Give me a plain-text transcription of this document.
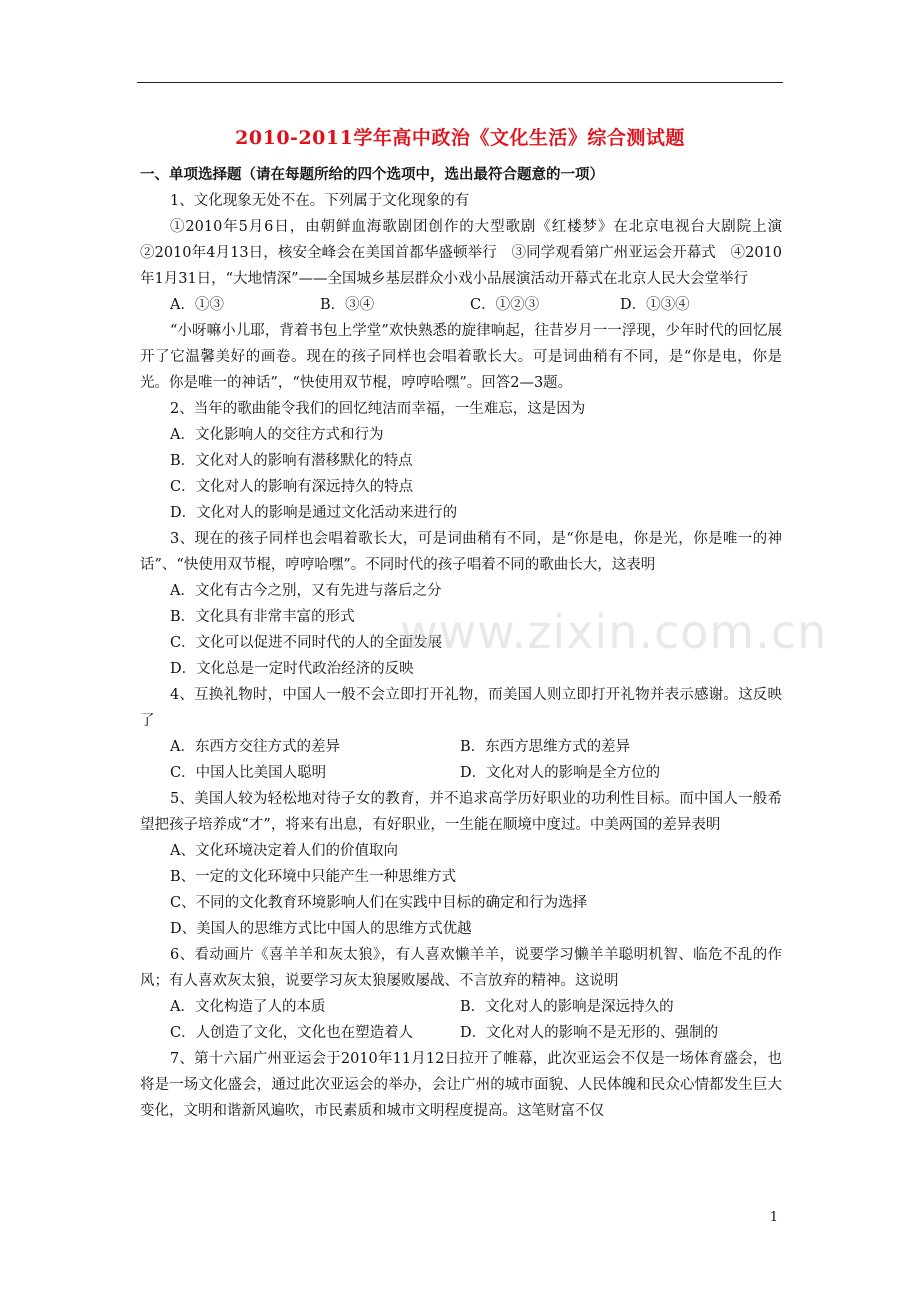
2010-2011学年高中政治《文化生活》综合测试题

一、单项选择题（请在每题所给的四个选项中，选出最符合题意的一项）

1、文化现象无处不在。下列属于文化现象的有

①2010年5月6日，由朝鲜血海歌剧团创作的大型歌剧《红楼梦》在北京电视台大剧院上演　②2010年4月13日，核安全峰会在美国首都华盛顿举行　③同学观看第广州亚运会开幕式　④2010年1月31日，“大地情深”——全国城乡基层群众小戏小品展演活动开幕式在北京人民大会堂举行

A．①③	B．③④	C．①②③	D．①③④

“小呀嘛小儿耶，背着书包上学堂”欢快熟悉的旋律响起，往昔岁月一一浮现，少年时代的回忆展开了它温馨美好的画卷。现在的孩子同样也会唱着歌长大。可是词曲稍有不同，是“你是电，你是光。你是唯一的神话”，“快使用双节棍，哼哼哈嘿”。回答2—3题。

2、当年的歌曲能令我们的回忆纯洁而幸福，一生难忘，这是因为

A．文化影响人的交往方式和行为

B．文化对人的影响有潜移默化的特点

C．文化对人的影响有深远持久的特点

D．文化对人的影响是通过文化活动来进行的

3、现在的孩子同样也会唱着歌长大，可是词曲稍有不同，是“你是电，你是光，你是唯一的神话”、“快使用双节棍，哼哼哈嘿”。不同时代的孩子唱着不同的歌曲长大，这表明

A．文化有古今之别，又有先进与落后之分

B．文化具有非常丰富的形式

C．文化可以促进不同时代的人的全面发展

D．文化总是一定时代政治经济的反映

4、互换礼物时，中国人一般不会立即打开礼物，而美国人则立即打开礼物并表示感谢。这反映了

A．东西方交往方式的差异	B．东西方思维方式的差异
C．中国人比美国人聪明	D．文化对人的影响是全方位的

5、美国人较为轻松地对待子女的教育，并不追求高学历好职业的功利性目标。而中国人一般希望把孩子培养成“才”，将来有出息，有好职业，一生能在顺境中度过。中美两国的差异表明

A、文化环境决定着人们的价值取向

B、一定的文化环境中只能产生一种思维方式

C、不同的文化教育环境影响人们在实践中目标的确定和行为选择

D、美国人的思维方式比中国人的思维方式优越

6、看动画片《喜羊羊和灰太狼》，有人喜欢懒羊羊，说要学习懒羊羊聪明机智、临危不乱的作风；有人喜欢灰太狼，说要学习灰太狼屡败屡战、不言放弃的精神。这说明

A．文化构造了人的本质	B．文化对人的影响是深远持久的
C．人创造了文化，文化也在塑造着人	D．文化对人的影响不是无形的、强制的

7、第十六届广州亚运会于2010年11月12日拉开了帷幕，此次亚运会不仅是一场体育盛会，也将是一场文化盛会，通过此次亚运会的举办，会让广州的城市面貌、人民体魄和民众心情都发生巨大变化，文明和谐新风遍吹，市民素质和城市文明程度提高。这笔财富不仅

www.zixin.com.cn
1
